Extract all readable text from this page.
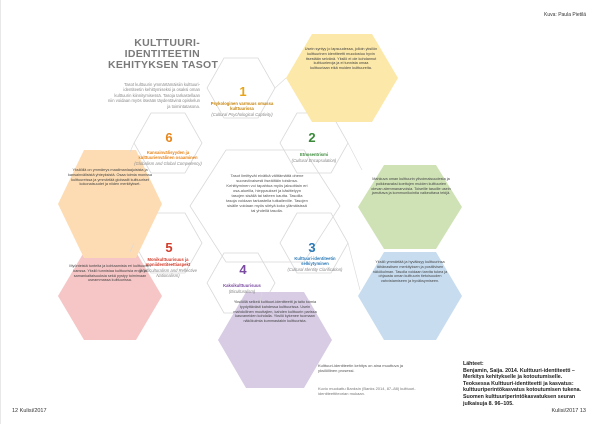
Kuva: Paula Pietilä
KULTTUURI-
IDENTITEETIN
KEHITYKSEN TASOT
Tasot kulttuurin ymmärtämäisiin kulttuuri-identiteetin kehittymiseksi ja osaksi oman kulttuurin kiinnitymisessä. Tasoja tarkastellaan niin voidaan myös itseään täydentävinä opiskelun ja toimintatasona.
1
Psykologinen varmuus omassa kulttuurissa
(Cultural Psychological Captivity)
Usein syntyy jo lapsuudessa, jolloin yksilön kulttuurinen identiteetti muodostuu hyvin itsestään selvänä. Yksilö ei ole kohdannut kulttuurieroja ja ei tunnista omaa kulttuuriaan eikä muiden kulttuureita.
2
Etnosentrismi
(Cultural Encapsulation)
Mahkuva oman kulttuurin ylivoimaisuudesta ja poikkeavaksi koettujen muiden kulttuurien olevan alemmanarvoisia. Toiseille tasoille usein jarruttava ja kommunikointia vaikeuttava tekijä.
3
Kulttuuri-identiteetin selkiytyminen
(Cultural Identity Clarification)
Yksilö ymmärtää ja hyväksyy kulttuurinsa tähänastisen merkityksen ja positiivisen näkökulman. Tasolla voidaan tarvita tukea ja ohjausta oman kulttuurin tietoisuuden vahvistamiseen ja hyväksymiseen.
4
Kaksikulttuurisuus
(Biculturalism)
Yksilöllä selkeä kulttuuri-identiteetti ja taito toimia tyydyttävästi kahdessa kulttuurissa. Usein mahdollinen muuttajien, kahden kulttuurin parissa kasvaneiden kohdalla. Yksilö kykenee tuomaan näkökulmia kummastakin kulttuurista.
5
Monikulttuurisuus ja moniidentiteettiaspekt
(Multiculturalism and Reflective Nationalism)
Myönteistä tunteita ja kohtaamista eri kulttuurien kanssa. Yksilö tunnistaa kulttuurisia eroja ja samankaltaisuuksia sekä pystyy toimimaan useammassa kulttuurissa.
6
Kansainvälisyyden ja kulttuurienvälinen osaaminen
(Globalism and Global Competency)
Yksilöllä on ymmärrys maailmanlaajuisista ja kansainvälisistä yhteyksistä. Osaa toimia monissa kulttuureissa ja ymmärtää globaalit kulttuuriset kokonaisuudet ja niiden merkitykset.
Tasot limittyvät eivätkä välttämättä ohene suoraviivaisesti itseäiltäin toisiinsa. Kehittyminen voi tapahtua myös jaksoittain eri osa-alueilla, hieppaukset ja käsittelyyn tasojen sisällä tai taiteen kautta. Tasoilla tasoja voidaan tarkastella tutkaileville. Tasojen sisälle voidaan myös siirtyä koko ylämäisissä tai yhdellä tasolla.
Kulttuuri-identiteetin kehitys on aina muuttuva ja yksilöllinen prosessi.
Kuvio muokattu Banksin (Banks 2014, 87–88) kulttuuri-identiteettiteorian mukaan.
Lähteet:
Benjamin, Saija. 2014. Kulttuuri-identiteetti – Merkitys kehitykselle ja kotoutumiselle. Teoksessa Kulttuuri-identiteetti ja kasvatus: kulttuuriperintökasvatus kotoutumisen tukena. Suomen kulttuuriperintökasvatuksen seuran julkaisuja 8. 96–105.
12 Kulisi/2017	Kulisi/2017 13
